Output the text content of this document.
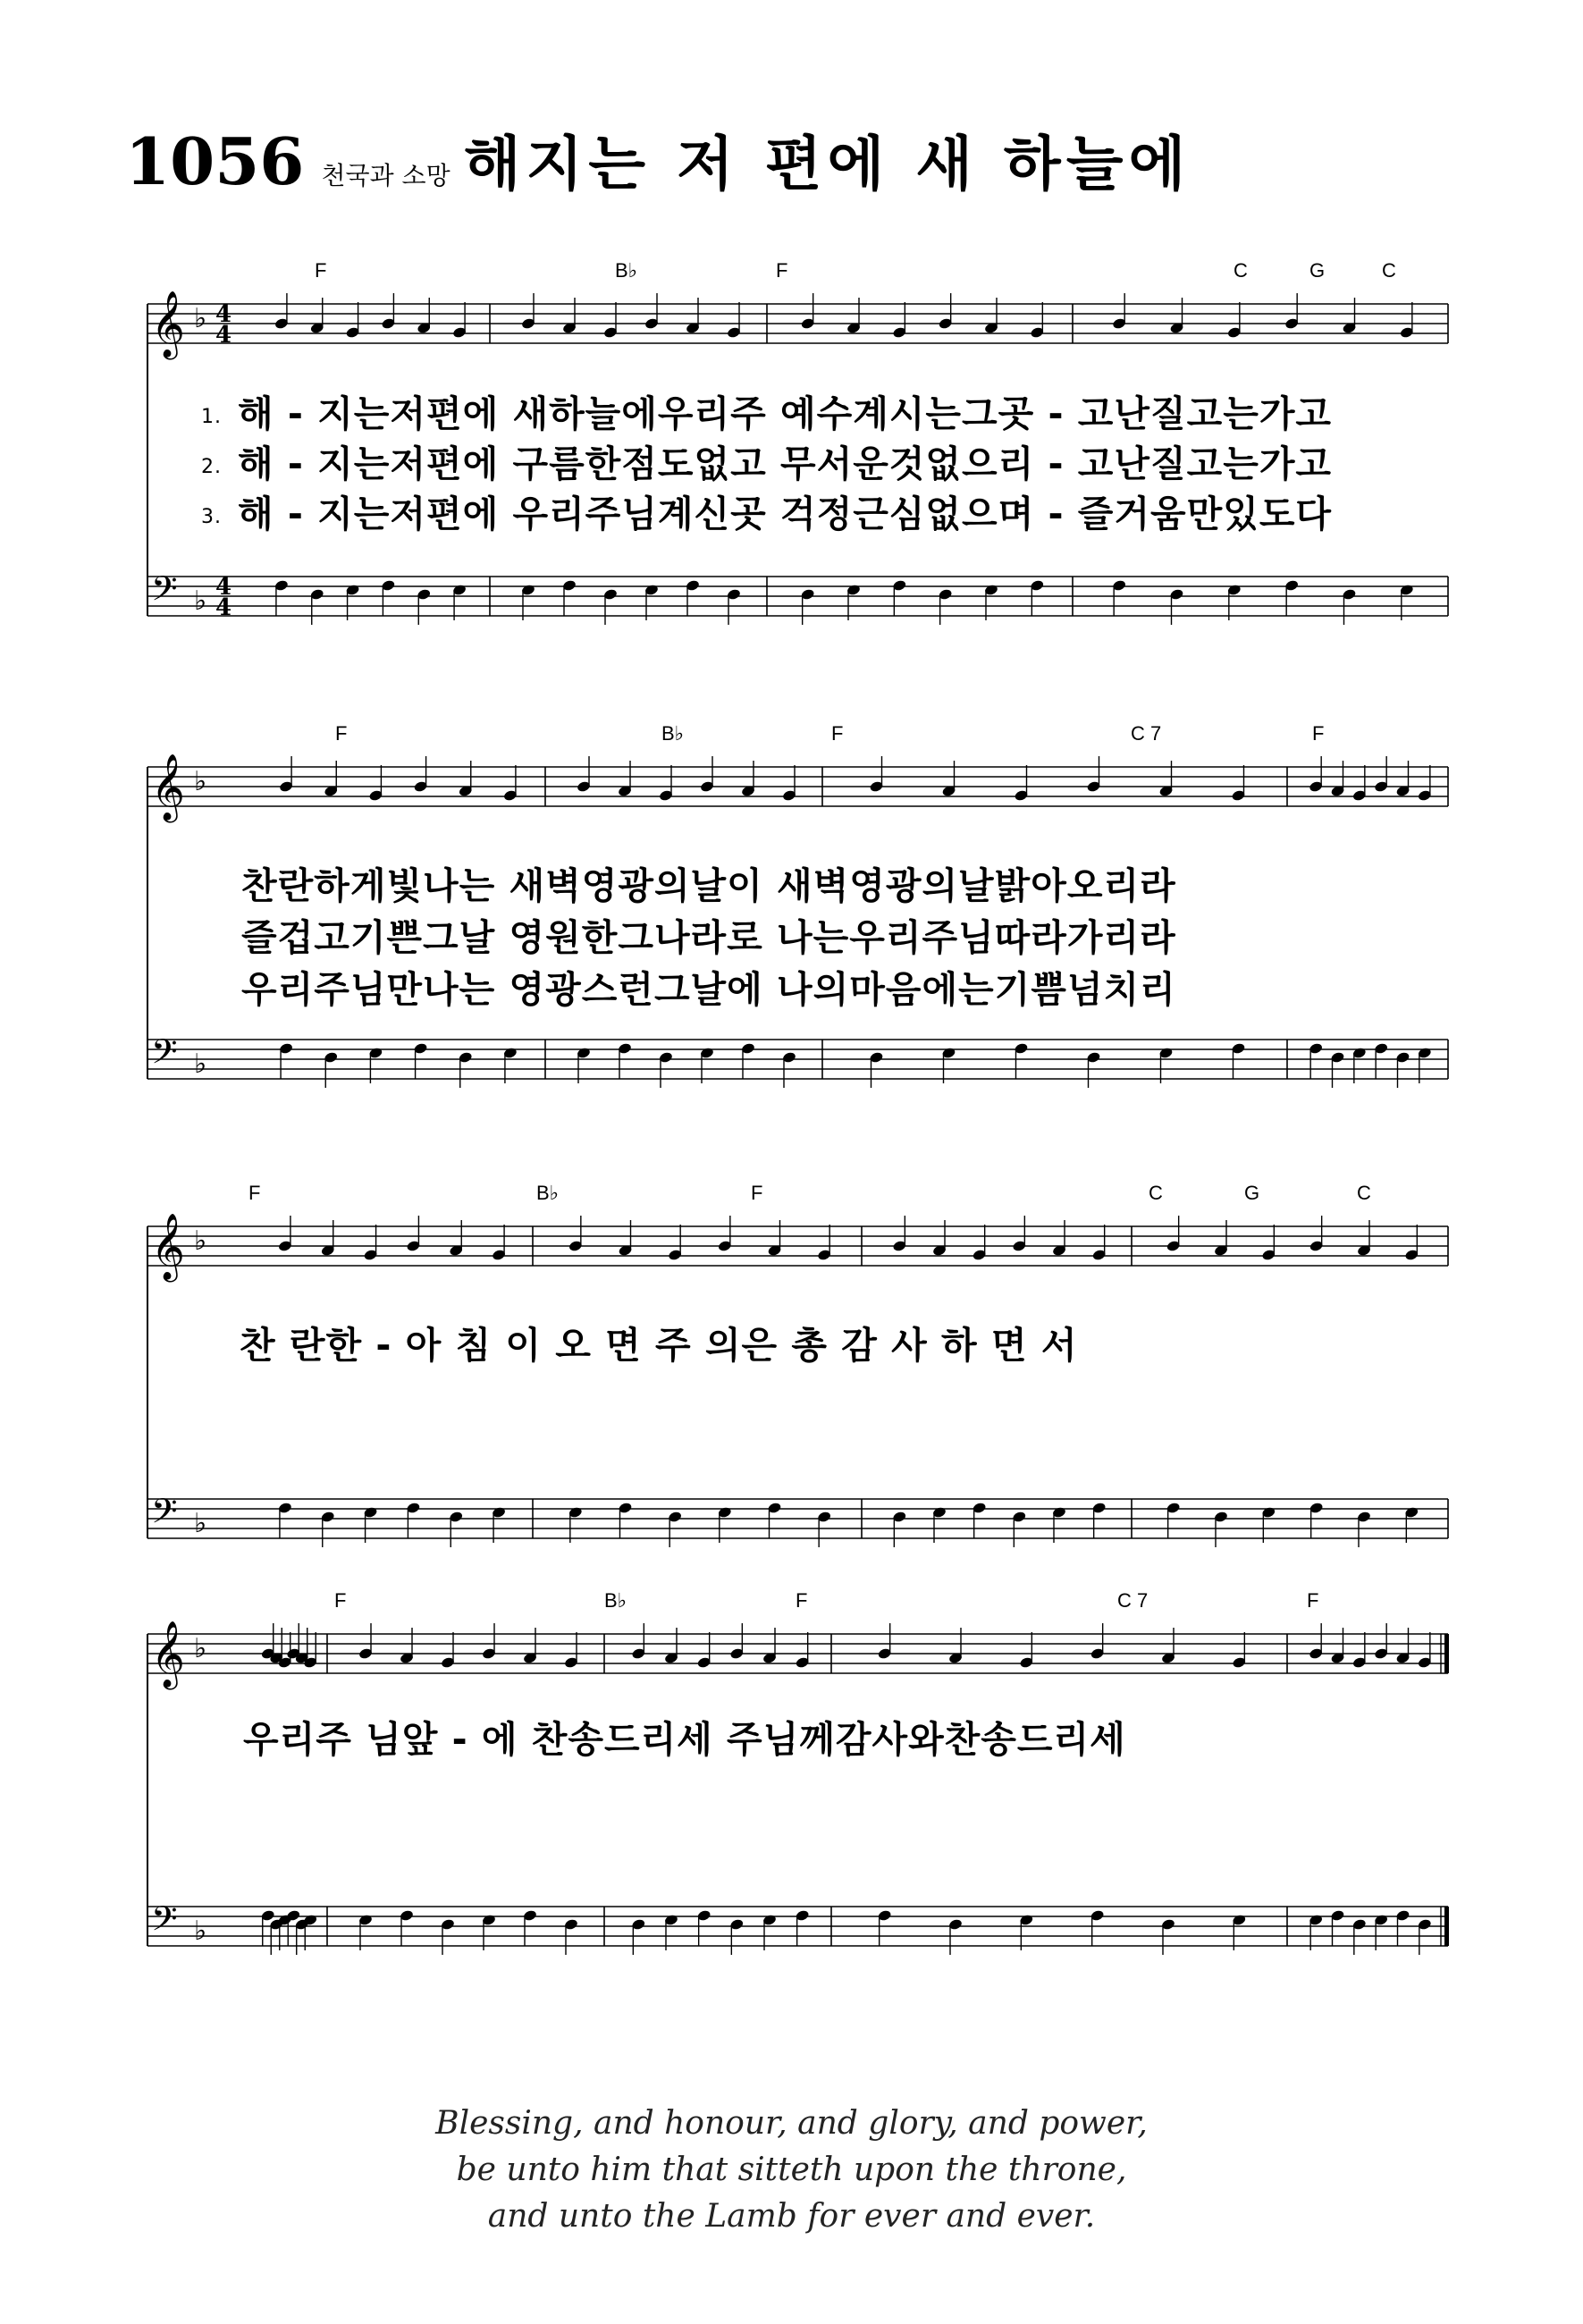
1056 천국과 소망 해지는 저 편에 새 하늘에
F	B♭	F	C	G	C
𝄞 ♭ 4
4
𝄢 ♭ 4
4
1. 해 - 지는저편에 새하늘에우리주 예수계시는그곳 - 고난질고는가고
2. 해 - 지는저편에 구름한점도없고 무서운것없으리 - 고난질고는가고
3. 해 - 지는저편에 우리주님계신곳 걱정근심없으며 - 즐거움만있도다
F	B♭	F	C 7	F
𝄞 ♭
𝄢 ♭
찬란하게빛나는 새벽영광의날이 새벽영광의날밝아오리라
즐겁고기쁜그날 영원한그나라로 나는우리주님따라가리라
우리주님만나는 영광스런그날에 나의마음에는기쁨넘치리
F	B♭	F	C	G	C
𝄞 ♭
𝄢 ♭
찬 란한 - 아 침 이 오 면 주 의은 총 감 사 하 면 서
F	B♭	F	C 7	F
𝄞 ♭
𝄢 ♭
우리주 님앞 - 에 찬송드리세 주님께감사와찬송드리세
Blessing, and honour, and glory, and power,
be unto him that sitteth upon the throne,
and unto the Lamb for ever and ever.
